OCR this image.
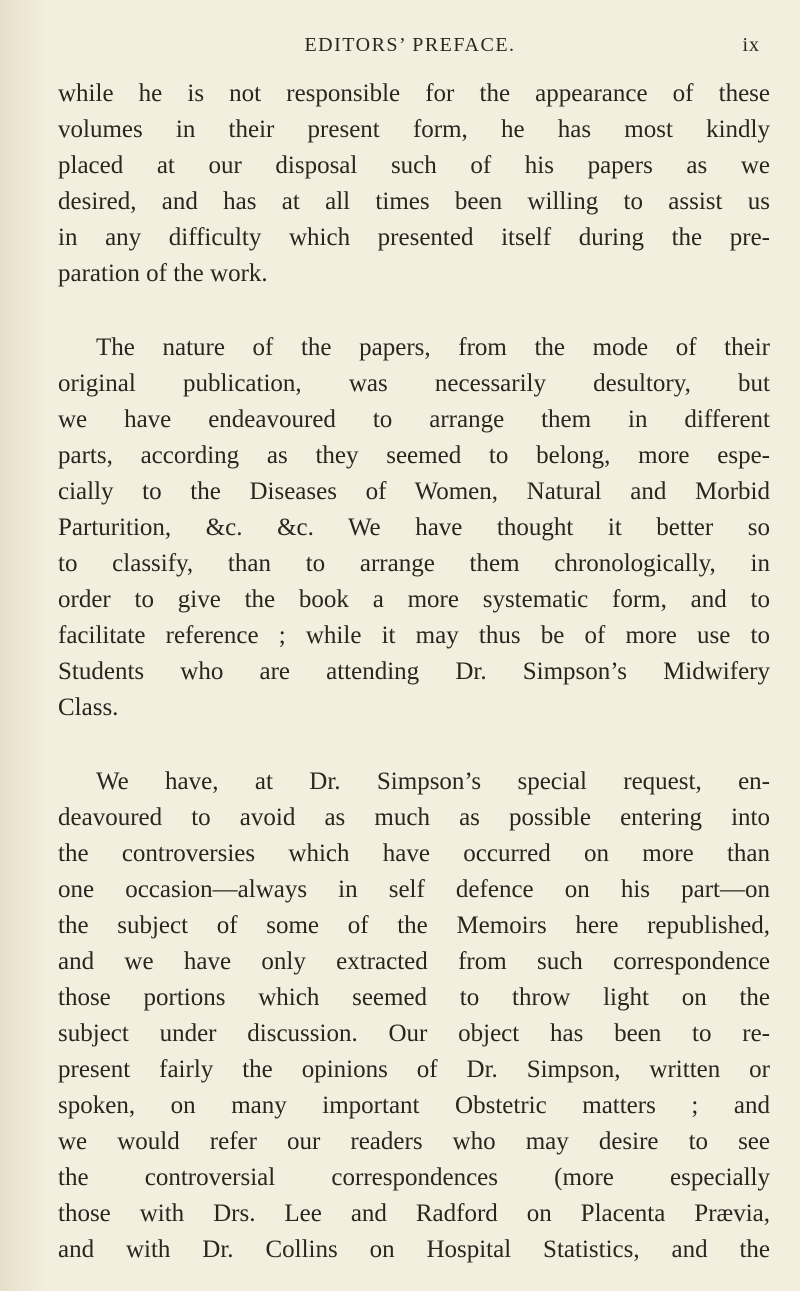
EDITORS’ PREFACE.	ix
while he is not responsible for the appearance of these
volumes in their present form, he has most kindly
placed at our disposal such of his papers as we
desired, and has at all times been willing to assist us
in any difficulty which presented itself during the pre-
paration of the work.
The nature of the papers, from the mode of their
original publication, was necessarily desultory, but
we have endeavoured to arrange them in different
parts, according as they seemed to belong, more espe-
cially to the Diseases of Women, Natural and Morbid
Parturition, &c. &c. We have thought it better so
to classify, than to arrange them chronologically, in
order to give the book a more systematic form, and to
facilitate reference ; while it may thus be of more use to
Students who are attending Dr. Simpson’s Midwifery
Class.
We have, at Dr. Simpson’s special request, en-
deavoured to avoid as much as possible entering into
the controversies which have occurred on more than
one occasion—always in self defence on his part—on
the subject of some of the Memoirs here republished,
and we have only extracted from such correspondence
those portions which seemed to throw light on the
subject under discussion. Our object has been to re-
present fairly the opinions of Dr. Simpson, written or
spoken, on many important Obstetric matters ; and
we would refer our readers who may desire to see
the controversial correspondences (more especially
those with Drs. Lee and Radford on Placenta Prævia,
and with Dr. Collins on Hospital Statistics, and the
